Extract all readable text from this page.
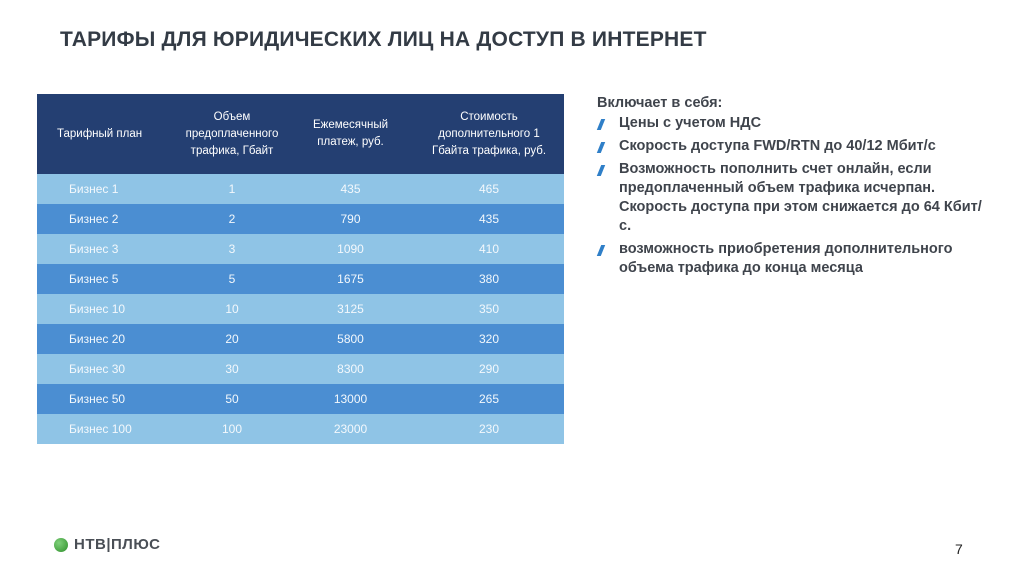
ТАРИФЫ ДЛЯ ЮРИДИЧЕСКИХ ЛИЦ НА ДОСТУП В ИНТЕРНЕТ
Тарифный план	Объем предоплаченного трафика, Гбайт	Ежемесячный платеж, руб.	Стоимость дополнительного 1 Гбайта трафика, руб.
Бизнес 1	1	435	465
Бизнес 2	2	790	435
Бизнес 3	3	1090	410
Бизнес 5	5	1675	380
Бизнес 10	10	3125	350
Бизнес 20	20	5800	320
Бизнес 30	30	8300	290
Бизнес 50	50	13000	265
Бизнес 100	100	23000	230
Включает в себя:
Цены с учетом НДС
Скорость доступа FWD/RTN до 40/12 Мбит/с
Возможность пополнить счет онлайн, если предоплаченный объем трафика исчерпан. Скорость доступа при этом снижается до 64 Кбит/с.
возможность приобретения дополнительного объема трафика до конца месяца
НТВ|ПЛЮС	7
